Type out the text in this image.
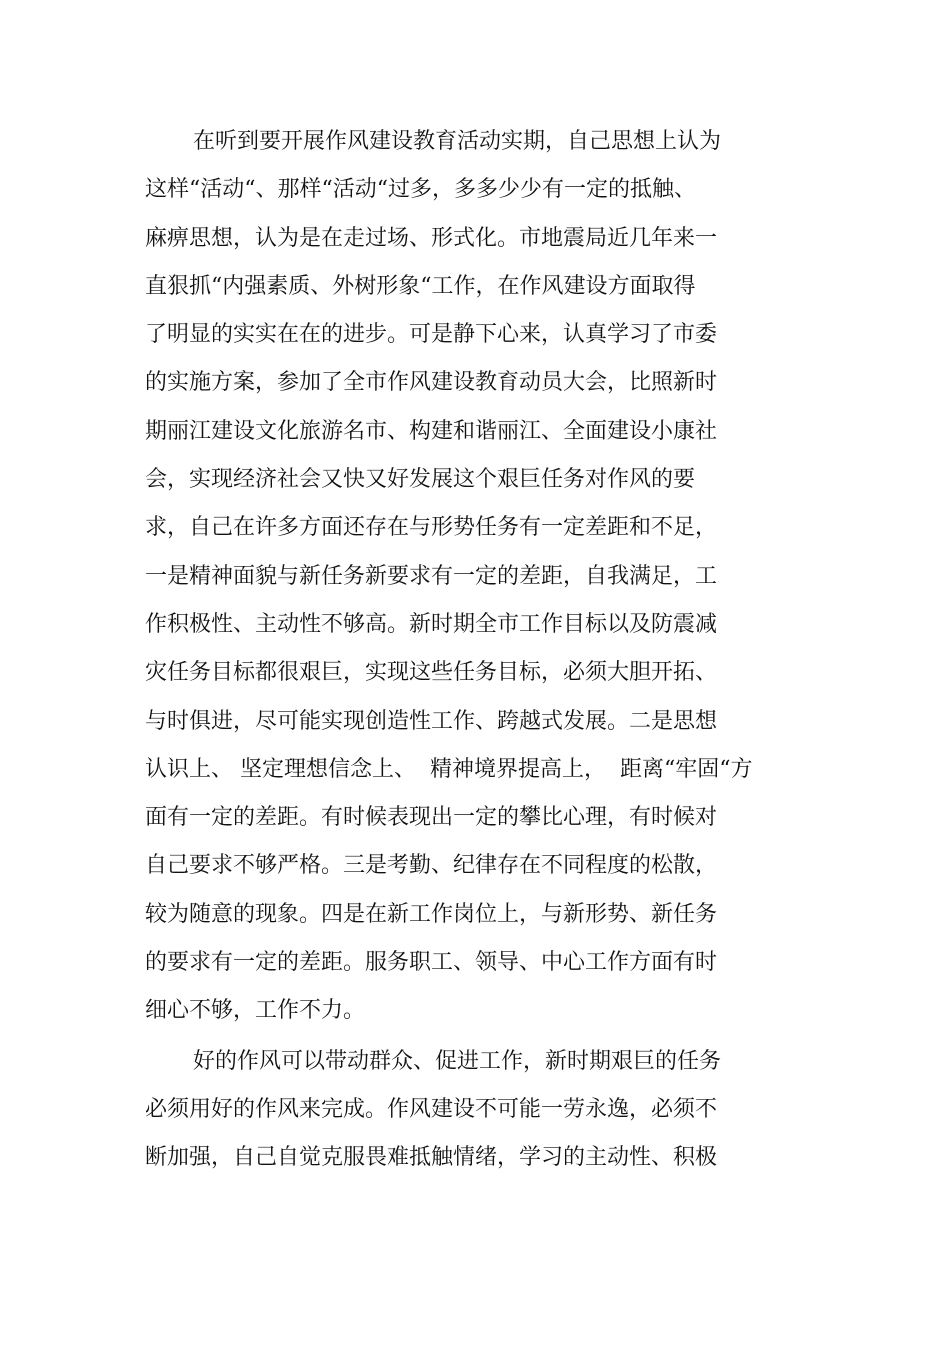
在听到要开展作风建设教育活动实期，自己思想上认为
这样“活动“、那样“活动“过多，多多少少有一定的抵触、
麻痹思想，认为是在走过场、形式化。市地震局近几年来一
直狠抓“内强素质、外树形象“工作，在作风建设方面取得
了明显的实实在在的进步。可是静下心来，认真学习了市委
的实施方案，参加了全市作风建设教育动员大会，比照新时
期丽江建设文化旅游名市、构建和谐丽江、全面建设小康社
会，实现经济社会又快又好发展这个艰巨任务对作风的要
求，自己在许多方面还存在与形势任务有一定差距和不足，
一是精神面貌与新任务新要求有一定的差距，自我满足，工
作积极性、主动性不够高。新时期全市工作目标以及防震减
灾任务目标都很艰巨，实现这些任务目标，必须大胆开拓、
与时俱进，尽可能实现创造性工作、跨越式发展。二是思想
认识上、 坚定理想信念上、  精神境界提高上，  距离“牢固“方
面有一定的差距。有时候表现出一定的攀比心理，有时候对
自己要求不够严格。三是考勤、纪律存在不同程度的松散，
较为随意的现象。四是在新工作岗位上，与新形势、新任务
的要求有一定的差距。服务职工、领导、中心工作方面有时
细心不够，工作不力。
好的作风可以带动群众、促进工作，新时期艰巨的任务
必须用好的作风来完成。作风建设不可能一劳永逸，必须不
断加强，自己自觉克服畏难抵触情绪，学习的主动性、积极
